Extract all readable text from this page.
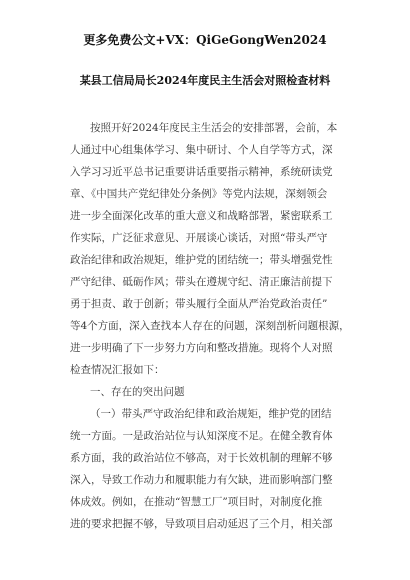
更多免费公文+VX：QiGeGongWen2024
某县工信局局长2024年度民主生活会对照检查材料
按照开好2024年度民主生活会的安排部署，会前，本
人通过中心组集体学习、集中研讨、个人自学等方式，深
入学习习近平总书记重要讲话重要指示精神，系统研读党
章、《中国共产党纪律处分条例》等党内法规，深刻领会
进一步全面深化改革的重大意义和战略部署，紧密联系工
作实际，广泛征求意见、开展谈心谈话，对照“带头严守
政治纪律和政治规矩，维护党的团结统一；带头增强党性
严守纪律、砥砺作风；带头在遵规守纪、清正廉洁前提下
勇于担责、敢于创新；带头履行全面从严治党政治责任”
等4个方面，深入查找本人存在的问题，深刻剖析问题根源，
进一步明确了下一步努力方向和整改措施。现将个人对照
检查情况汇报如下：
一、存在的突出问题
（一）带头严守政治纪律和政治规矩，维护党的团结
统一方面。一是政治站位与认知深度不足。在健全教育体
系方面，我的政治站位不够高，对于长效机制的理解不够
深入，导致工作动力和履职能力有欠缺，进而影响部门整
体成效。例如，在推动“智慧工厂”项目时，对制度化推
进的要求把握不够，导致项目启动延迟了三个月，相关部
